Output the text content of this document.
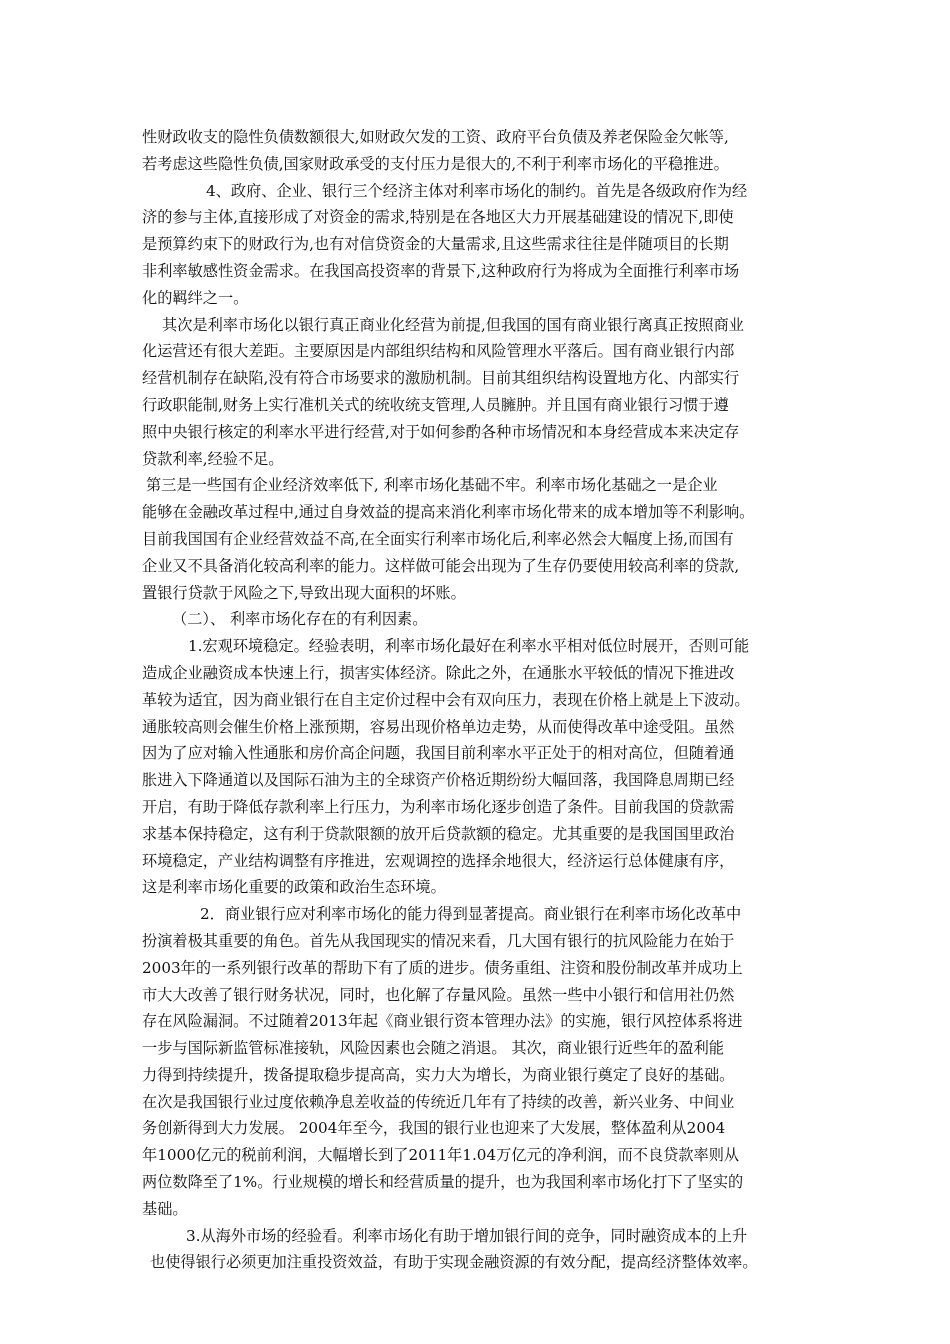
性财政收支的隐性负债数额很大,如财政欠发的工资、政府平台负债及养老保险金欠帐等,
若考虑这些隐性负债,国家财政承受的支付压力是很大的,不利于利率市场化的平稳推进。
4、政府、企业、银行三个经济主体对利率市场化的制约。首先是各级政府作为经
济的参与主体,直接形成了对资金的需求,特别是在各地区大力开展基础建设的情况下,即使
是预算约束下的财政行为,也有对信贷资金的大量需求,且这些需求往往是伴随项目的长期
非利率敏感性资金需求。在我国高投资率的背景下,这种政府行为将成为全面推行利率市场
化的羁绊之一。
其次是利率市场化以银行真正商业化经营为前提,但我国的国有商业银行离真正按照商业
化运营还有很大差距。主要原因是内部组织结构和风险管理水平落后。国有商业银行内部
经营机制存在缺陷,没有符合市场要求的激励机制。目前其组织结构设置地方化、内部实行
行政职能制,财务上实行准机关式的统收统支管理,人员臃肿。并且国有商业银行习惯于遵
照中央银行核定的利率水平进行经营,对于如何参酌各种市场情况和本身经营成本来决定存
贷款利率,经验不足。
第三是一些国有企业经济效率低下, 利率市场化基础不牢。利率市场化基础之一是企业
能够在金融改革过程中,通过自身效益的提高来消化利率市场化带来的成本增加等不利影响。
目前我国国有企业经营效益不高,在全面实行利率市场化后,利率必然会大幅度上扬,而国有
企业又不具备消化较高利率的能力。这样做可能会出现为了生存仍要使用较高利率的贷款,
置银行贷款于风险之下,导致出现大面积的坏账。
（二）、 利率市场化存在的有利因素。
1.宏观环境稳定。经验表明，利率市场化最好在利率水平相对低位时展开，否则可能
造成企业融资成本快速上行，损害实体经济。除此之外，在通胀水平较低的情况下推进改
革较为适宜，因为商业银行在自主定价过程中会有双向压力，表现在价格上就是上下波动。
通胀较高则会催生价格上涨预期，容易出现价格单边走势，从而使得改革中途受阻。虽然
因为了应对输入性通胀和房价高企问题，我国目前利率水平正处于的相对高位，但随着通
胀进入下降通道以及国际石油为主的全球资产价格近期纷纷大幅回落，我国降息周期已经
开启，有助于降低存款利率上行压力，为利率市场化逐步创造了条件。目前我国的贷款需
求基本保持稳定，这有利于贷款限额的放开后贷款额的稳定。尤其重要的是我国国里政治
环境稳定，产业结构调整有序推进，宏观调控的选择余地很大，经济运行总体健康有序，
这是利率市场化重要的政策和政治生态环境。
2．商业银行应对利率市场化的能力得到显著提高。商业银行在利率市场化改革中
扮演着极其重要的角色。首先从我国现实的情况来看，几大国有银行的抗风险能力在始于
2003年的一系列银行改革的帮助下有了质的进步。债务重组、注资和股份制改革并成功上
市大大改善了银行财务状况，同时，也化解了存量风险。虽然一些中小银行和信用社仍然
存在风险漏洞。不过随着2013年起《商业银行资本管理办法》的实施，银行风控体系将进
一步与国际新监管标准接轨，风险因素也会随之消退。 其次，商业银行近些年的盈利能
力得到持续提升，拨备提取稳步提高高，实力大为增长，为商业银行奠定了良好的基础。
在次是我国银行业过度依赖净息差收益的传统近几年有了持续的改善，新兴业务、中间业
务创新得到大力发展。 2004年至今，我国的银行业也迎来了大发展，整体盈利从2004
年1000亿元的税前利润，大幅增长到了2011年1.04万亿元的净利润，而不良贷款率则从
两位数降至了1%。行业规模的增长和经营质量的提升，也为我国利率市场化打下了坚实的
基础。
3.从海外市场的经验看。利率市场化有助于增加银行间的竞争，同时融资成本的上升
也使得银行必须更加注重投资效益，有助于实现金融资源的有效分配，提高经济整体效率。
